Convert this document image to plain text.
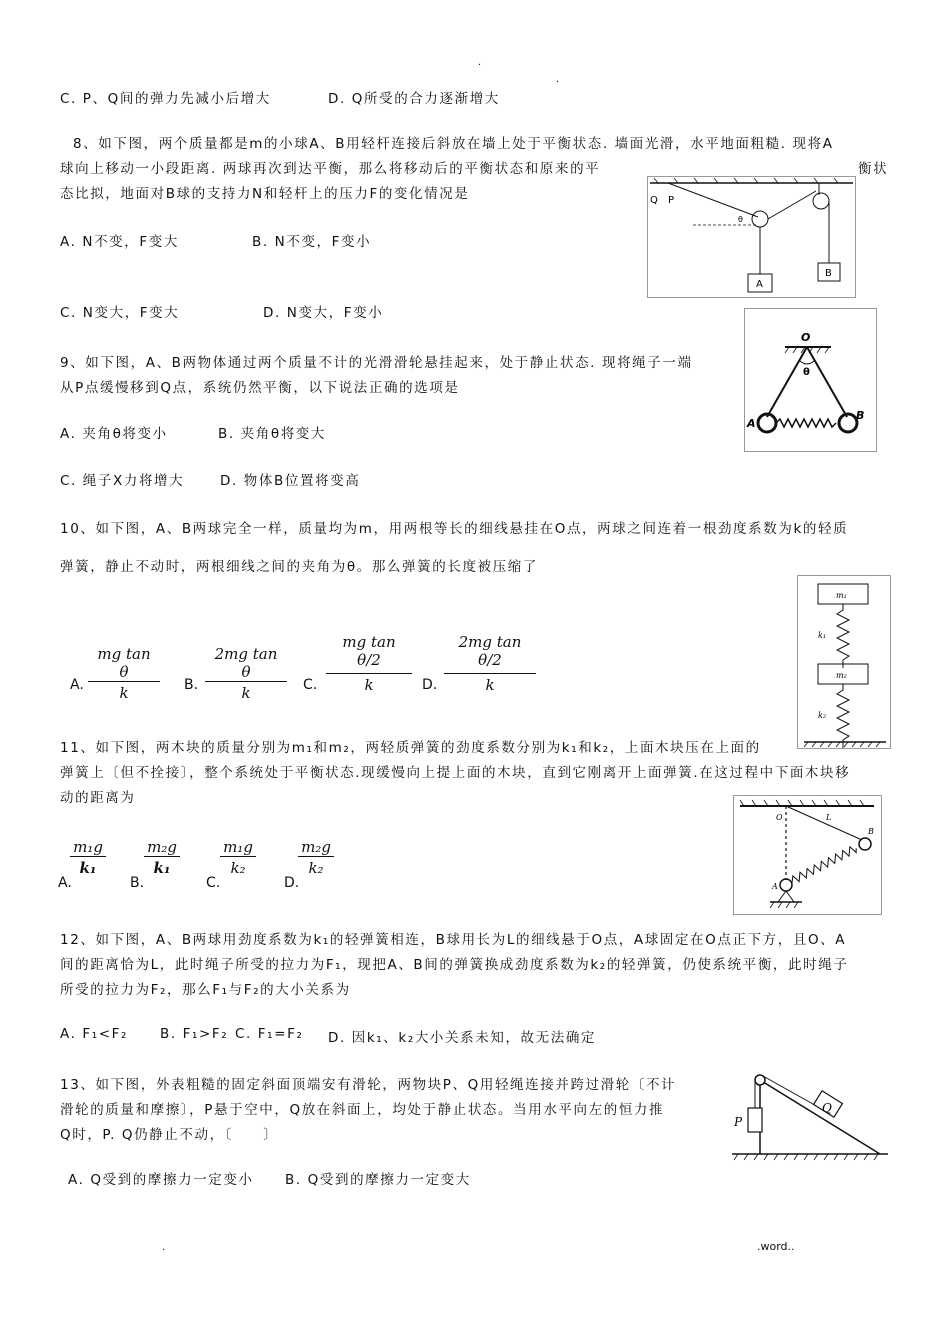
.
.
C. P、Q间的弹力先减小后增大	D. Q所受的合力逐渐增大
8、如下图，两个质量都是m的小球A、B用轻杆连接后斜放在墙上处于平衡状态. 墙面光滑，水平地面粗糙. 现将A
球向上移动一小段距离. 两球再次到达平衡，那么将移动后的平衡状态和原来的平	衡状
态比拟，地面对B球的支持力N和轻杆上的压力F的变化情况是
A. N不变，F变大	B. N不变，F变小
C. N变大，F变大	D. N变大，F变小
Q P
θ
A
B
9、如下图，A、B两物体通过两个质量不计的光滑滑轮悬挂起来，处于静止状态. 现将绳子一端
从P点缓慢移到Q点，系统仍然平衡，以下说法正确的选项是
A. 夹角θ将变小	B. 夹角θ将变大
C. 绳子X力将增大	D. 物体B位置将变高
O
θ
A
B
10、如下图，A、B两球完全一样，质量均为m，用两根等长的细线悬挂在O点，两球之间连着一根劲度系数为k的轻质
弹簧，静止不动时，两根细线之间的夹角为θ。那么弹簧的长度被压缩了
A. $\frac{\text{mg tan θ}}{k} B$. $\frac{\text{2mg tan θ}}{k} C$. $\frac{\text{mg tan θ/2}}{k} D$. $\frac{\text{2mg tan θ/2}}{k}$
m₁
k₁
m₂
k₂
11、如下图，两木块的质量分别为m₁和m₂，两轻质弹簧的劲度系数分别为k₁和k₂，上面木块压在上面的
弹簧上〔但不拴接〕，整个系统处于平衡状态.现缓慢向上提上面的木块，直到它刚离开上面弹簧.在这过程中下面木块移
动的距离为
A.
$\frac{\text{m₁g}}{\text{k₁}}$
B.
$\frac{\text{m₂g}}{\text{k₁}}$
C.
$\frac{\text{m₁g}}{\text{k₂}}$
D.
$\frac{\text{m₂g}}{\text{k₂}}$
O	L
B
A
12、如下图，A、B两球用劲度系数为k₁的轻弹簧相连，B球用长为L的细线悬于O点，A球固定在O点正下方，且O、A
间的距离恰为L，此时绳子所受的拉力为F₁，现把A、B间的弹簧换成劲度系数为k₂的轻弹簧，仍使系统平衡，此时绳子
所受的拉力为F₂，那么F₁与F₂的大小关系为
A. F₁<F₂ B. F₁>F₂ C. F₁=F₂ D. 因k₁、k₂大小关系未知，故无法确定
13、如下图，外表粗糙的固定斜面顶端安有滑轮，两物块P、Q用轻绳连接并跨过滑轮〔不计
滑轮的质量和摩擦〕，P悬于空中，Q放在斜面上，均处于静止状态。当用水平向左的恒力推
Q时，P. Q仍静止不动，〔　　〕
A. Q受到的摩擦力一定变小 B. Q受到的摩擦力一定变大
P
Q
.	.word..
